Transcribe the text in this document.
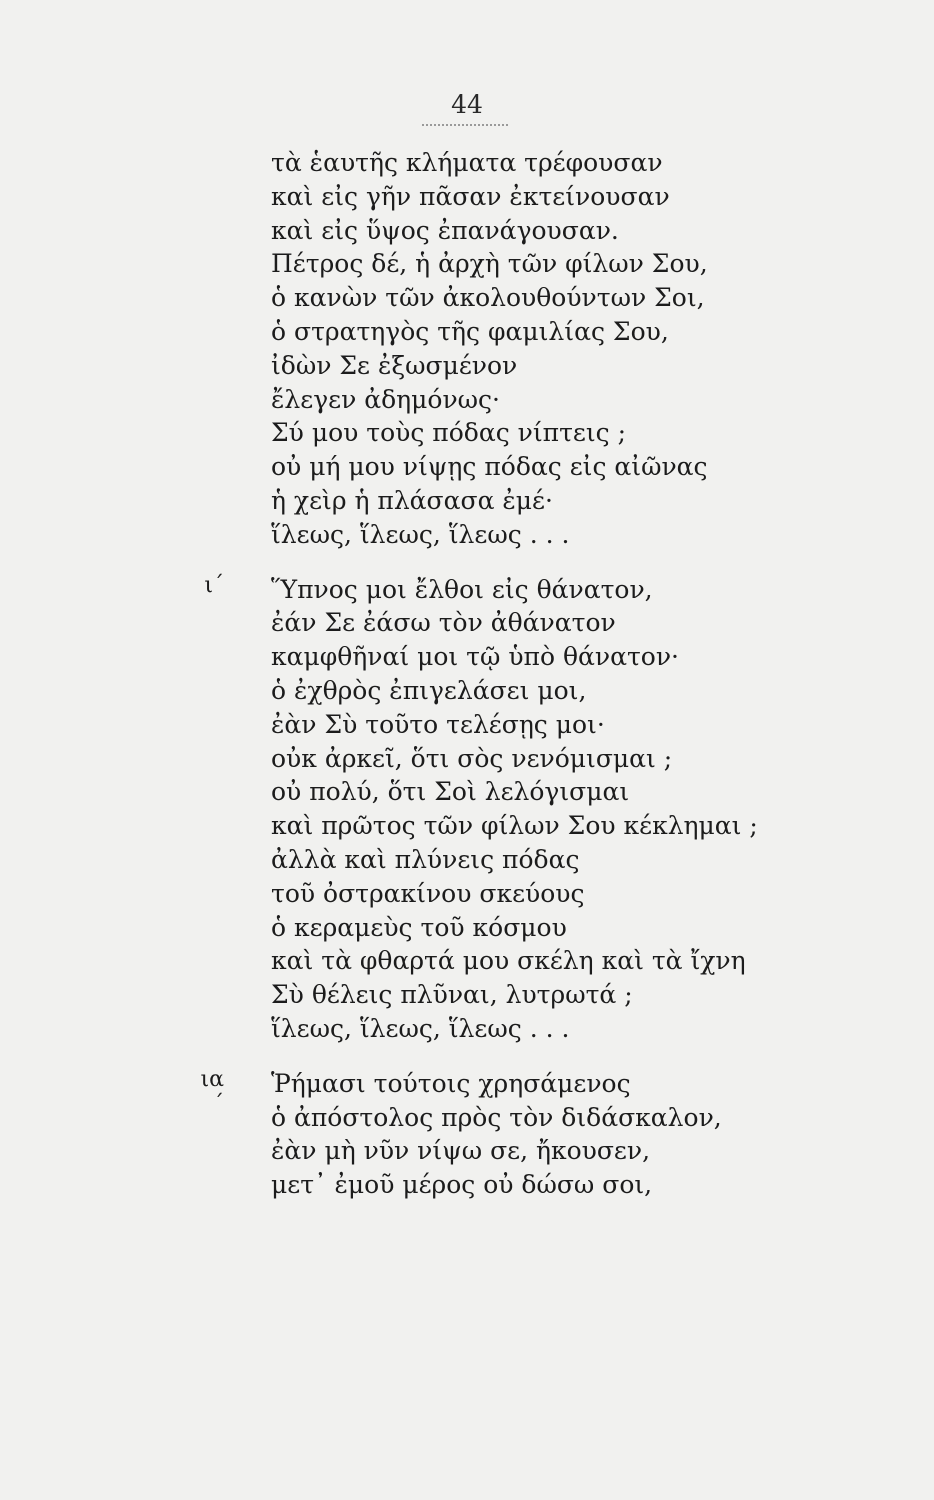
44
τὰ ἑαυτῆς κλήματα τρέφουσαν
καὶ εἰς γῆν πᾶσαν ἐκτείνουσαν
καὶ εἰς ὕψος ἐπανάγουσαν.
Πέτρος δέ, ἡ ἀρχὴ τῶν φίλων Σου,
ὁ κανὼν τῶν ἀκολουθούντων Σοι,
ὁ στρατηγὸς τῆς φαμιλίας Σου,
ἰδὼν Σε ἐξωσμένον
ἔλεγεν ἀδημόνως·
Σύ μου τοὺς πόδας νίπτεις ;
οὐ μή μου νίψῃς πόδας εἰς αἰῶνας
ἡ χεὶρ ἡ πλάσασα ἐμέ·
ἵλεως, ἵλεως, ἵλεως . . .
ι´ Ὕπνος μοι ἔλθοι εἰς θάνατον,
ἐάν Σε ἐάσω τὸν ἀθάνατον
καμφθῆναί μοι τῷ ὑπὸ θάνατον·
ὁ ἐχθρὸς ἐπιγελάσει μοι,
ἐὰν Σὺ τοῦτο τελέσῃς μοι·
οὐκ ἀρκεῖ, ὅτι σὸς νενόμισμαι ;
οὐ πολύ, ὅτι Σοὶ λελόγισμαι
καὶ πρῶτος τῶν φίλων Σου κέκλημαι ;
ἀλλὰ καὶ πλύνεις πόδας
τοῦ ὀστρακίνου σκεύους
ὁ κεραμεὺς τοῦ κόσμου
καὶ τὰ φθαρτά μου σκέλη καὶ τὰ ἴχνη
Σὺ θέλεις πλῦναι, λυτρωτά ;
ἵλεως, ἵλεως, ἵλεως . . .
ια´
Ῥήμασι τούτοις χρησάμενος
ὁ ἀπόστολος πρὸς τὸν διδάσκαλον,
ἐὰν μὴ νῦν νίψω σε, ἤκουσεν,
μετ᾽ ἐμοῦ μέρος οὐ δώσω σοι,
